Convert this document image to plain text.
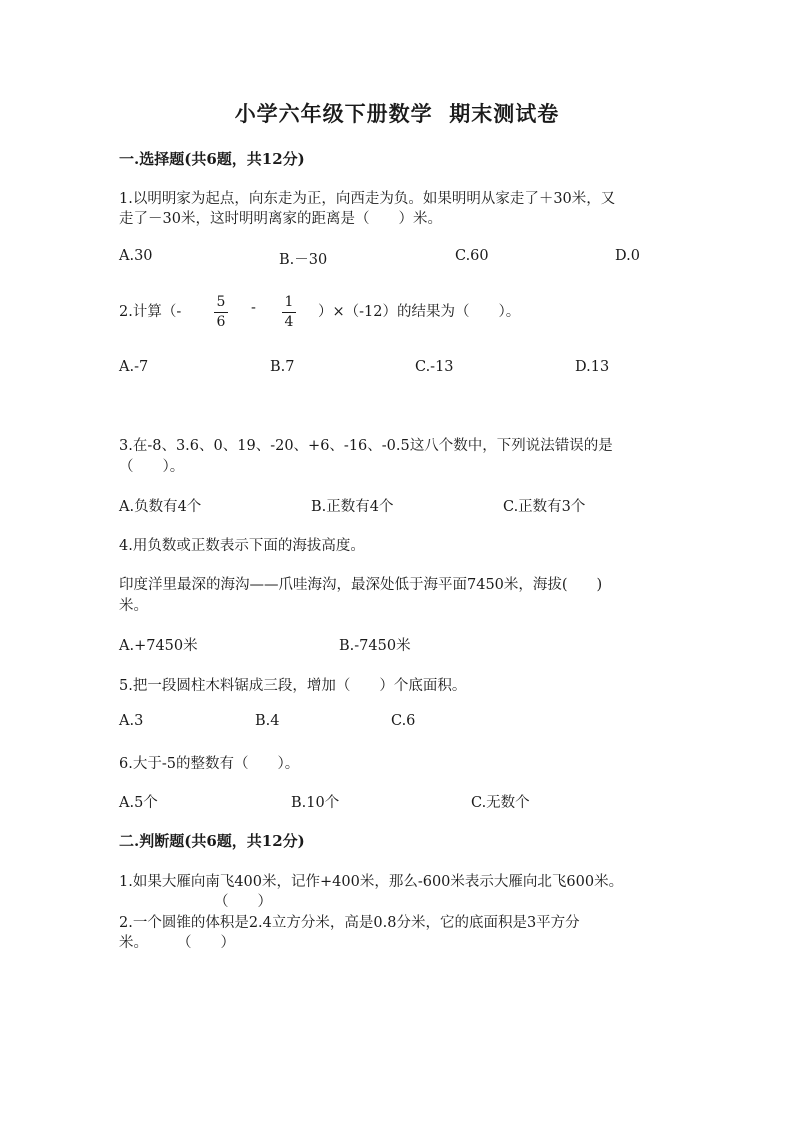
小学六年级下册数学  期末测试卷
一.选择题(共6题，共12分)
1.以明明家为起点，向东走为正，向西走为负。如果明明从家走了＋30米，又
走了－30米，这时明明离家的距离是（　　）米。
A.30	B.－30	C.60	D.0
2.计算（-
5
6
- 1
4
）×（-12）的结果为（　　）。
A.-7	B.7	C.-13	D.13
3.在-8、3.6、0、19、-20、+6、-16、-0.5这八个数中，下列说法错误的是
（　　）。
A.负数有4个	B.正数有4个	C.正数有3个
4.用负数或正数表示下面的海拔高度。
印度洋里最深的海沟——爪哇海沟，最深处低于海平面7450米，海拔(　　)
米。
A.+7450米	B.-7450米
5.把一段圆柱木料锯成三段，增加（　　）个底面积。
A.3	B.4	C.6
6.大于-5的整数有（　　）。
A.5个	B.10个	C.无数个
二.判断题(共6题，共12分)
1.如果大雁向南飞400米，记作+400米，那么-600米表示大雁向北飞600米。
（　　）
2.一个圆锥的体积是2.4立方分米，高是0.8分米，它的底面积是3平方分
米。　　　（　　）
